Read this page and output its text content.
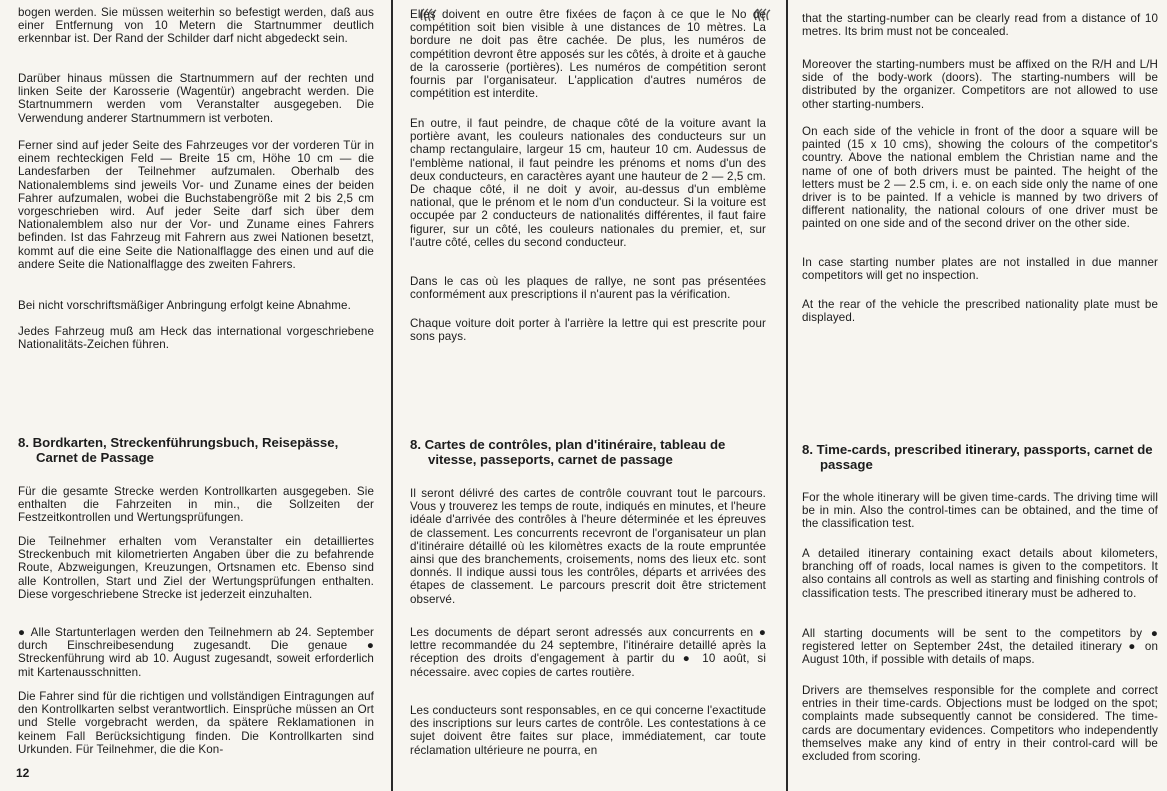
bogen werden. Sie müssen weiterhin so befestigt werden, daß aus einer Entfernung von 10 Metern die Startnummer deutlich erkennbar ist. Der Rand der Schilder darf nicht abgedeckt sein.

Darüber hinaus müssen die Startnummern auf der rechten und linken Seite der Karosserie (Wagentür) angebracht werden. Die Startnummern werden vom Veranstalter ausgegeben. Die Verwendung anderer Startnummern ist verboten.

Ferner sind auf jeder Seite des Fahrzeuges vor der vorderen Tür in einem rechteckigen Feld — Breite 15 cm, Höhe 10 cm — die Landesfarben der Teilnehmer aufzumalen. Oberhalb des Nationalemblems sind jeweils Vor- und Zuname eines der beiden Fahrer aufzumalen, wobei die Buchstabengröße mit 2 bis 2,5 cm vorgeschrieben wird. Auf jeder Seite darf sich über dem Nationalemblem also nur der Vor- und Zuname eines Fahrers befinden. Ist das Fahrzeug mit Fahrern aus zwei Nationen besetzt, kommt auf die eine Seite die Nationalflagge des einen und auf die andere Seite die Nationalflagge des zweiten Fahrers.

Bei nicht vorschriftsmäßiger Anbringung erfolgt keine Abnahme.

Jedes Fahrzeug muß am Heck das international vorgeschriebene Nationalitäts-Zeichen führen.

8. Bordkarten, Streckenführungsbuch, Reisepässe, Carnet de Passage

Für die gesamte Strecke werden Kontrollkarten ausgegeben. Sie enthalten die Fahrzeiten in min., die Sollzeiten der Festzeitkontrollen und Wertungsprüfungen.

Die Teilnehmer erhalten vom Veranstalter ein detailliertes Streckenbuch mit kilometrierten Angaben über die zu befahrende Route, Abzweigungen, Kreuzungen, Ortsnamen etc. Ebenso sind alle Kontrollen, Start und Ziel der Wertungsprüfungen enthalten. Diese vorgeschriebene Strecke ist jederzeit einzuhalten.

● Alle Startunterlagen werden den Teilnehmern ab 24. September durch Einschreibesendung zugesandt. Die genaue ● Streckenführung wird ab 10. August zugesandt, soweit erforderlich mit Kartenausschnitten.

Die Fahrer sind für die richtigen und vollständigen Eintragungen auf den Kontrollkarten selbst verantwortlich. Einsprüche müssen an Ort und Stelle vorgebracht werden, da spätere Reklamationen in keinem Fall Berücksichtigung finden. Die Kontrollkarten sind Urkunden. Für Teilnehmer, die die Kon-

Elles doivent en outre être fixées de façon à ce que le No de compétition soit bien visible à une distances de 10 mètres. La bordure ne doit pas être cachée. De plus, les numéros de compétition devront être apposés sur les côtés, à droite et à gauche de la carosserie (portières). Les numéros de compétition seront fournis par l'organisateur. L'application d'autres numéros de compétition est interdite.

En outre, il faut peindre, de chaque côté de la voiture avant la portière avant, les couleurs nationales des conducteurs sur un champ rectangulaire, largeur 15 cm, hauteur 10 cm. Audessus de l'emblème national, il faut peindre les prénoms et noms d'un des deux conducteurs, en caractères ayant une hauteur de 2 — 2,5 cm. De chaque côté, il ne doit y avoir, au-dessus d'un emblème national, que le prénom et le nom d'un conducteur. Si la voiture est occupée par 2 conducteurs de nationalités différentes, il faut faire figurer, sur un côté, les couleurs nationales du premier, et, sur l'autre côté, celles du second conducteur.

Dans le cas où les plaques de rallye, ne sont pas présentées conformément aux prescriptions il n'aurent pas la vérification.

Chaque voiture doit porter à l'arrière la lettre qui est prescrite pour sons pays.

8. Cartes de contrôles, plan d'itinéraire, tableau de vitesse, passeports, carnet de passage

Il seront délivré des cartes de contrôle couvrant tout le parcours. Vous y trouverez les temps de route, indiqués en minutes, et l'heure idéale d'arrivée des contrôles à l'heure déterminée et les épreuves de classement. Les concurrents recevront de l'organisateur un plan d'itinéraire détaillé où les kilomètres exacts de la route empruntée ainsi que des branchements, croisements, noms des lieux etc. sont donnés. Il indique aussi tous les contrôles, départs et arrivées des étapes de classement. Le parcours prescrit doit être strictement observé.

Les documents de départ seront adressés aux concurrents en ● lettre recommandée du 24 septembre, l'itinéraire detaillé après la réception des droits d'engagement à partir du ● 10 août, si nécessaire. avec copies de cartes routière.

Les conducteurs sont responsables, en ce qui concerne l'exactitude des inscriptions sur leurs cartes de contrôle. Les contestations à ce sujet doivent être faites sur place, immédiatement, car toute réclamation ultérieure ne pourra, en

that the starting-number can be clearly read from a distance of 10 metres. Its brim must not be concealed.

Moreover the starting-numbers must be affixed on the R/H and L/H side of the body-work (doors). The starting-numbers will be distributed by the organizer. Competitors are not allowed to use other starting-numbers.

On each side of the vehicle in front of the door a square will be painted (15 x 10 cms), showing the colours of the competitor's country. Above the national emblem the Christian name and the name of one of both drivers must be painted. The height of the letters must be 2 — 2.5 cm, i. e. on each side only the name of one driver is to be painted. If a vehicle is manned by two drivers of different nationality, the national colours of one driver must be painted on one side and of the second driver on the other side.

In case starting number plates are not installed in due manner competitors will get no inspection.

At the rear of the vehicle the prescribed nationality plate must be displayed.

8. Time-cards, prescribed itinerary, passports, carnet de passage

For the whole itinerary will be given time-cards. The driving time will be in min. Also the control-times can be obtained, and the time of the classification test.

A detailed itinerary containing exact details about kilometers, branching off of roads, local names is given to the competitors. It also contains all controls as well as starting and finishing controls of classification tests. The prescribed itinerary must be adhered to.

All starting documents will be sent to the competitors by ● registered letter on September 24st, the detailed itinerary ● on August 10th, if possible with details of maps.

Drivers are themselves responsible for the complete and correct entries in their time-cards. Objections must be lodged on the spot; complaints made subsequently cannot be considered. The time-cards are documentary evidences. Competitors who independently themselves make any kind of entry in their control-card will be excluded from scoring.

12
